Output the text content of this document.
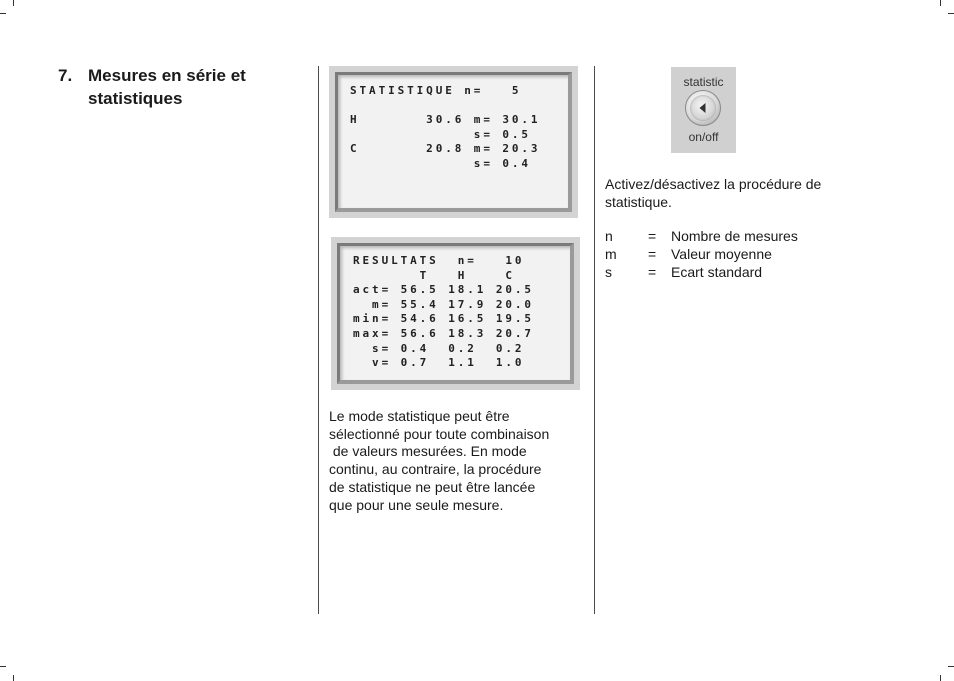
7. Mesures en série et
statistiques	STATISTIQUE n=   5
H       30.6 m= 30.1
s= 0.5
C       20.8 m= 20.3
s= 0.4
RESULTATS  n=   10
T   H    C
act= 56.5 18.1 20.5
m= 55.4 17.9 20.0
min= 54.6 16.5 19.5
max= 56.6 18.3 20.7
s= 0.4  0.2  0.2
v= 0.7  1.1  1.0

Le mode statistique peut être

sélectionné pour toute combinaison

de valeurs mesurées. En mode

continu, au contraire, la procédure

de statistique ne peut être lancée

que pour une seule mesure.

statistic
on/off

Activez/désactivez la procédure de

statistique.

n	= Nombre de mesures
m = Valeur moyenne
s	= Ecart standard
